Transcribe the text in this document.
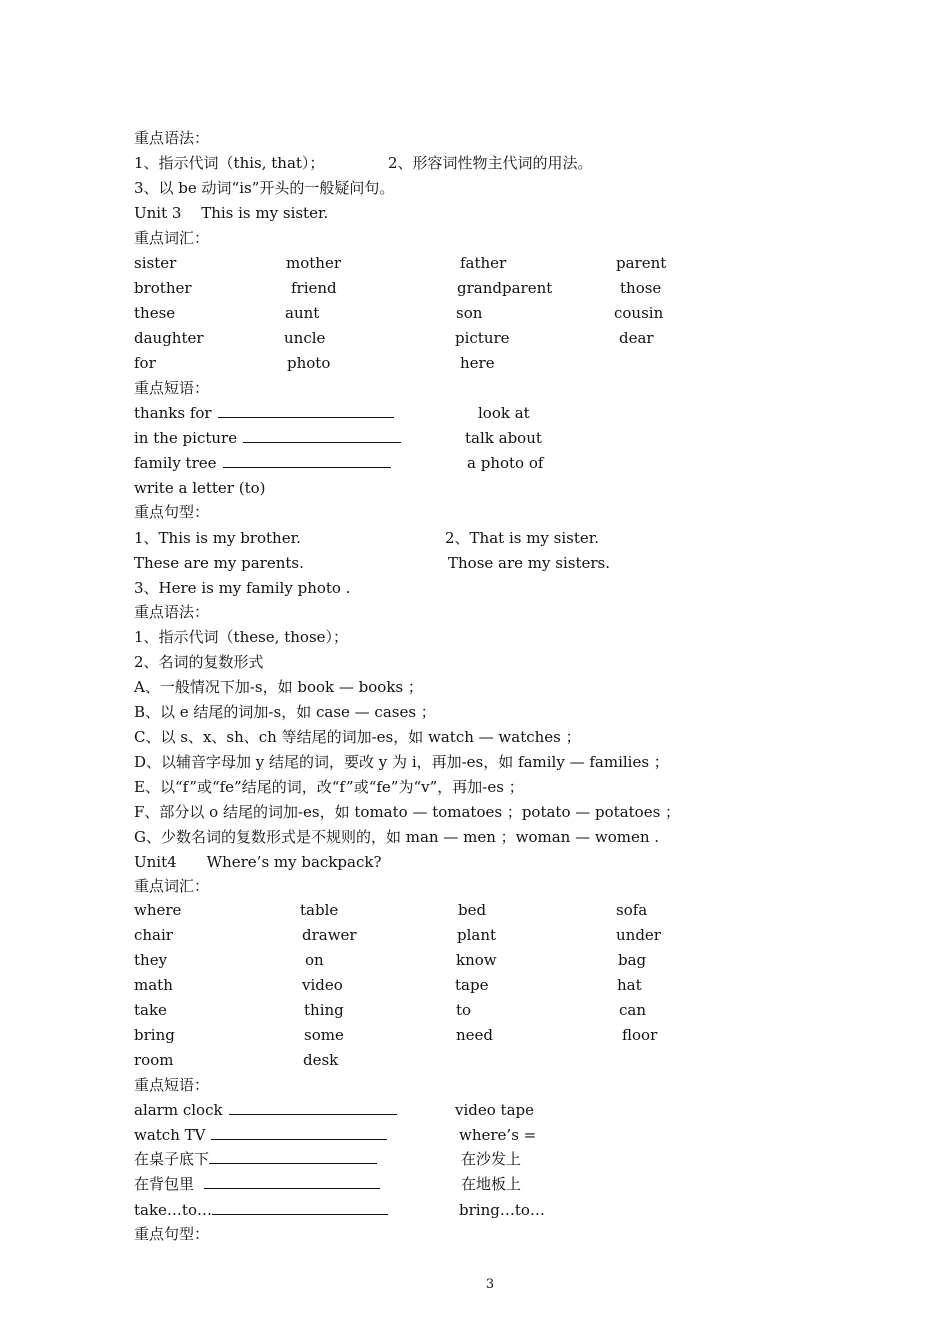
重点语法：
1、指示代词（this, that）；	2、形容词性物主代词的用法。
3、以 be 动词“is”开头的一般疑问句。
Unit 3　 This is my sister.
重点词汇：
sister	mother	father	parent
brother	friend	grandparent	those
these	aunt	son	cousin
daughter	uncle	picture	dear
for	photo	here
重点短语：
thanks for	look at
in the picture	talk about
family tree	a photo of
write a letter (to)
重点句型：
1、This is my brother.	2、That is my sister.
These are my parents.	Those are my sisters.
3、Here is my family photo .
重点语法：
1、指示代词（these, those）；
2、名词的复数形式
A、一般情况下加-s，如 book — books ；
B、以 e 结尾的词加-s，如 case — cases ；
C、以 s、x、sh、ch 等结尾的词加-es，如 watch — watches ；
D、以辅音字母加 y 结尾的词，要改 y 为 i，再加-es，如 family — families ；
E、以“f”或“fe”结尾的词，改“f”或“fe”为“v”，再加-es ；
F、部分以 o 结尾的词加-es，如 tomato — tomatoes ；potato — potatoes ；
G、少数名词的复数形式是不规则的，如 man — men ；woman — women .
Unit4　　Where’s my backpack?
重点词汇：
where	table	bed	sofa
chair	drawer	plant	under
they	on	know	bag
math	video	tape	hat
take	thing	to	can
bring	some	need	floor
room	desk
重点短语：
alarm clock	video tape
watch TV	where’s =
在桌子底下	在沙发上
在背包里	在地板上
take…to…	bring…to…
重点句型：
3
